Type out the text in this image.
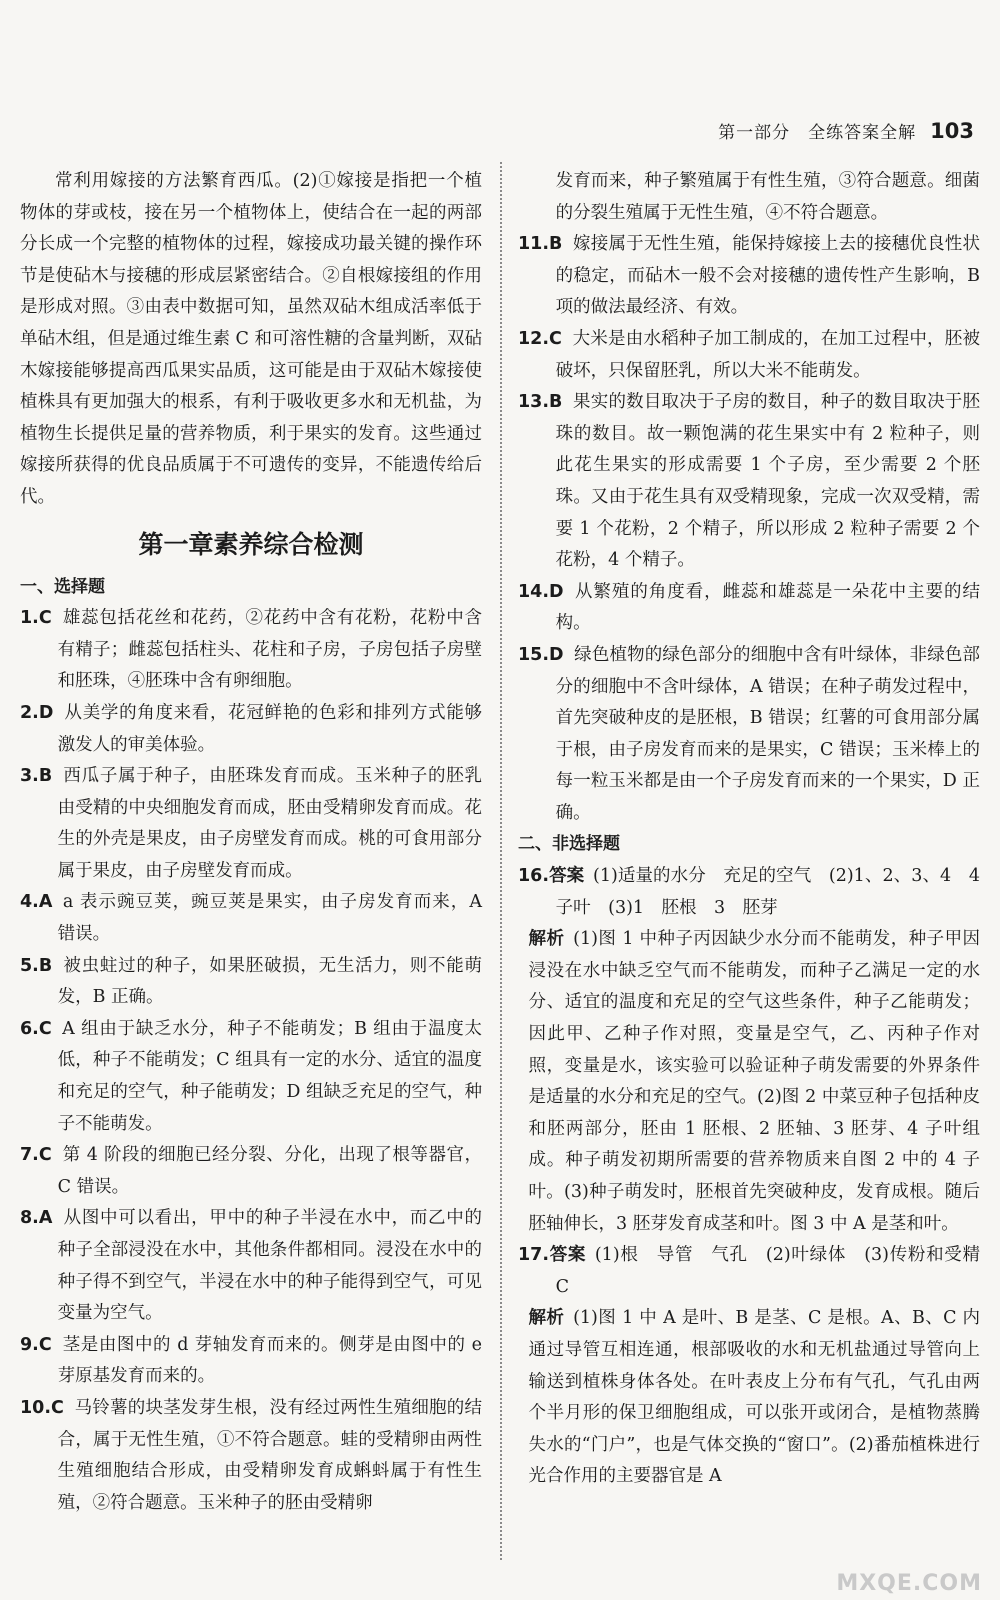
第一部分　全练答案全解 103

常利用嫁接的方法繁育西瓜。(2)①嫁接是指把一个植物体的芽或枝，接在另一个植物体上，使结合在一起的两部分长成一个完整的植物体的过程，嫁接成功最关键的操作环节是使砧木与接穗的形成层紧密结合。②自根嫁接组的作用是形成对照。③由表中数据可知，虽然双砧木组成活率低于单砧木组，但是通过维生素 C 和可溶性糖的含量判断，双砧木嫁接能够提高西瓜果实品质，这可能是由于双砧木嫁接使植株具有更加强大的根系，有利于吸收更多水和无机盐，为植物生长提供足量的营养物质，利于果实的发育。这些通过嫁接所获得的优良品质属于不可遗传的变异，不能遗传给后代。

第一章素养综合检测

一、选择题

1.C 雄蕊包括花丝和花药，②花药中含有花粉，花粉中含有精子；雌蕊包括柱头、花柱和子房，子房包括子房壁和胚珠，④胚珠中含有卵细胞。

2.D 从美学的角度来看，花冠鲜艳的色彩和排列方式能够激发人的审美体验。

3.B 西瓜子属于种子，由胚珠发育而成。玉米种子的胚乳由受精的中央细胞发育而成，胚由受精卵发育而成。花生的外壳是果皮，由子房壁发育而成。桃的可食用部分属于果皮，由子房壁发育而成。

4.A a 表示豌豆荚，豌豆荚是果实，由子房发育而来，A 错误。

5.B 被虫蛀过的种子，如果胚破损，无生活力，则不能萌发，B 正确。

6.C A 组由于缺乏水分，种子不能萌发；B 组由于温度太低，种子不能萌发；C 组具有一定的水分、适宜的温度和充足的空气，种子能萌发；D 组缺乏充足的空气，种子不能萌发。

7.C 第 4 阶段的细胞已经分裂、分化，出现了根等器官，C 错误。

8.A 从图中可以看出，甲中的种子半浸在水中，而乙中的种子全部浸没在水中，其他条件都相同。浸没在水中的种子得不到空气，半浸在水中的种子能得到空气，可见变量为空气。

9.C 茎是由图中的 d 芽轴发育而来的。侧芽是由图中的 e 芽原基发育而来的。

10.C 马铃薯的块茎发芽生根，没有经过两性生殖细胞的结合，属于无性生殖，①不符合题意。蛙的受精卵由两性生殖细胞结合形成，由受精卵发育成蝌蚪属于有性生殖，②符合题意。玉米种子的胚由受精卵

发育而来，种子繁殖属于有性生殖，③符合题意。细菌的分裂生殖属于无性生殖，④不符合题意。

11.B 嫁接属于无性生殖，能保持嫁接上去的接穗优良性状的稳定，而砧木一般不会对接穗的遗传性产生影响，B 项的做法最经济、有效。

12.C 大米是由水稻种子加工制成的，在加工过程中，胚被破坏，只保留胚乳，所以大米不能萌发。

13.B 果实的数目取决于子房的数目，种子的数目取决于胚珠的数目。故一颗饱满的花生果实中有 2 粒种子，则此花生果实的形成需要 1 个子房，至少需要 2 个胚珠。又由于花生具有双受精现象，完成一次双受精，需要 1 个花粉，2 个精子，所以形成 2 粒种子需要 2 个花粉，4 个精子。

14.D 从繁殖的角度看，雌蕊和雄蕊是一朵花中主要的结构。

15.D 绿色植物的绿色部分的细胞中含有叶绿体，非绿色部分的细胞中不含叶绿体，A 错误；在种子萌发过程中，首先突破种皮的是胚根，B 错误；红薯的可食用部分属于根，由子房发育而来的是果实，C 错误；玉米棒上的每一粒玉米都是由一个子房发育而来的一个果实，D 正确。

二、非选择题

16.答案 (1)适量的水分　充足的空气　(2)1、2、3、4　4　子叶　(3)1　胚根　3　胚芽

解析 (1)图 1 中种子丙因缺少水分而不能萌发，种子甲因浸没在水中缺乏空气而不能萌发，而种子乙满足一定的水分、适宜的温度和充足的空气这些条件，种子乙能萌发；因此甲、乙种子作对照，变量是空气，乙、丙种子作对照，变量是水，该实验可以验证种子萌发需要的外界条件是适量的水分和充足的空气。(2)图 2 中菜豆种子包括种皮和胚两部分，胚由 1 胚根、2 胚轴、3 胚芽、4 子叶组成。种子萌发初期所需要的营养物质来自图 2 中的 4 子叶。(3)种子萌发时，胚根首先突破种皮，发育成根。随后胚轴伸长，3 胚芽发育成茎和叶。图 3 中 A 是茎和叶。

17.答案 (1)根　导管　气孔　(2)叶绿体　(3)传粉和受精　C

解析 (1)图 1 中 A 是叶、B 是茎、C 是根。A、B、C 内通过导管互相连通，根部吸收的水和无机盐通过导管向上输送到植株身体各处。在叶表皮上分布有气孔，气孔由两个半月形的保卫细胞组成，可以张开或闭合，是植物蒸腾失水的“门户”，也是气体交换的“窗口”。(2)番茄植株进行光合作用的主要器官是 A

MXQE.COM
